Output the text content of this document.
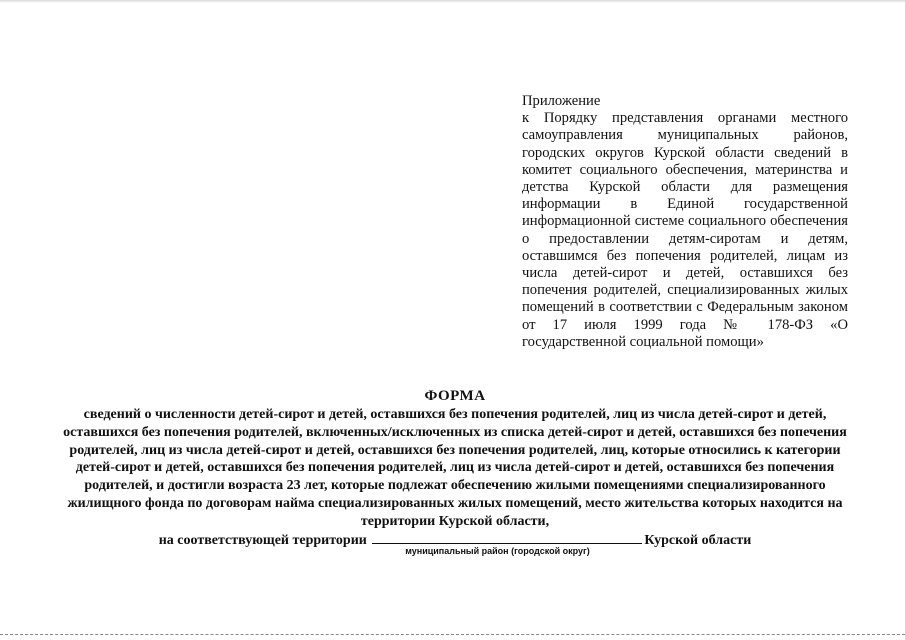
Приложение
к Порядку представления органами местного самоуправления муниципальных районов, городских округов Курской области сведений в комитет социального обеспечения, материнства и детства Курской области для размещения информации в Единой государственной информационной системе социального обеспечения о предоставлении детям-сиротам и детям, оставшимся без попечения родителей, лицам из числа детей-сирот и детей, оставшихся без попечения родителей, специализированных жилых помещений в соответствии с Федеральным законом от 17 июля 1999 года № 178-ФЗ «О государственной социальной помощи»
ФОРМА
сведений о численности детей-сирот и детей, оставшихся без попечения родителей, лиц из числа детей-сирот и детей, оставшихся без попечения родителей, включенных/исключенных из списка детей-сирот и детей, оставшихся без попечения родителей, лиц из числа детей-сирот и детей, оставшихся без попечения родителей, лиц, которые относились к категории детей-сирот и детей, оставшихся без попечения родителей, лиц из числа детей-сирот и детей, оставшихся без попечения родителей, и достигли возраста 23 лет, которые подлежат обеспечению жилыми помещениями специализированного жилищного фонда по договорам найма специализированных жилых помещений, место жительства которых находится на территории Курской области,
на соответствующей территории	Курской области
муниципальный район (городской округ)
